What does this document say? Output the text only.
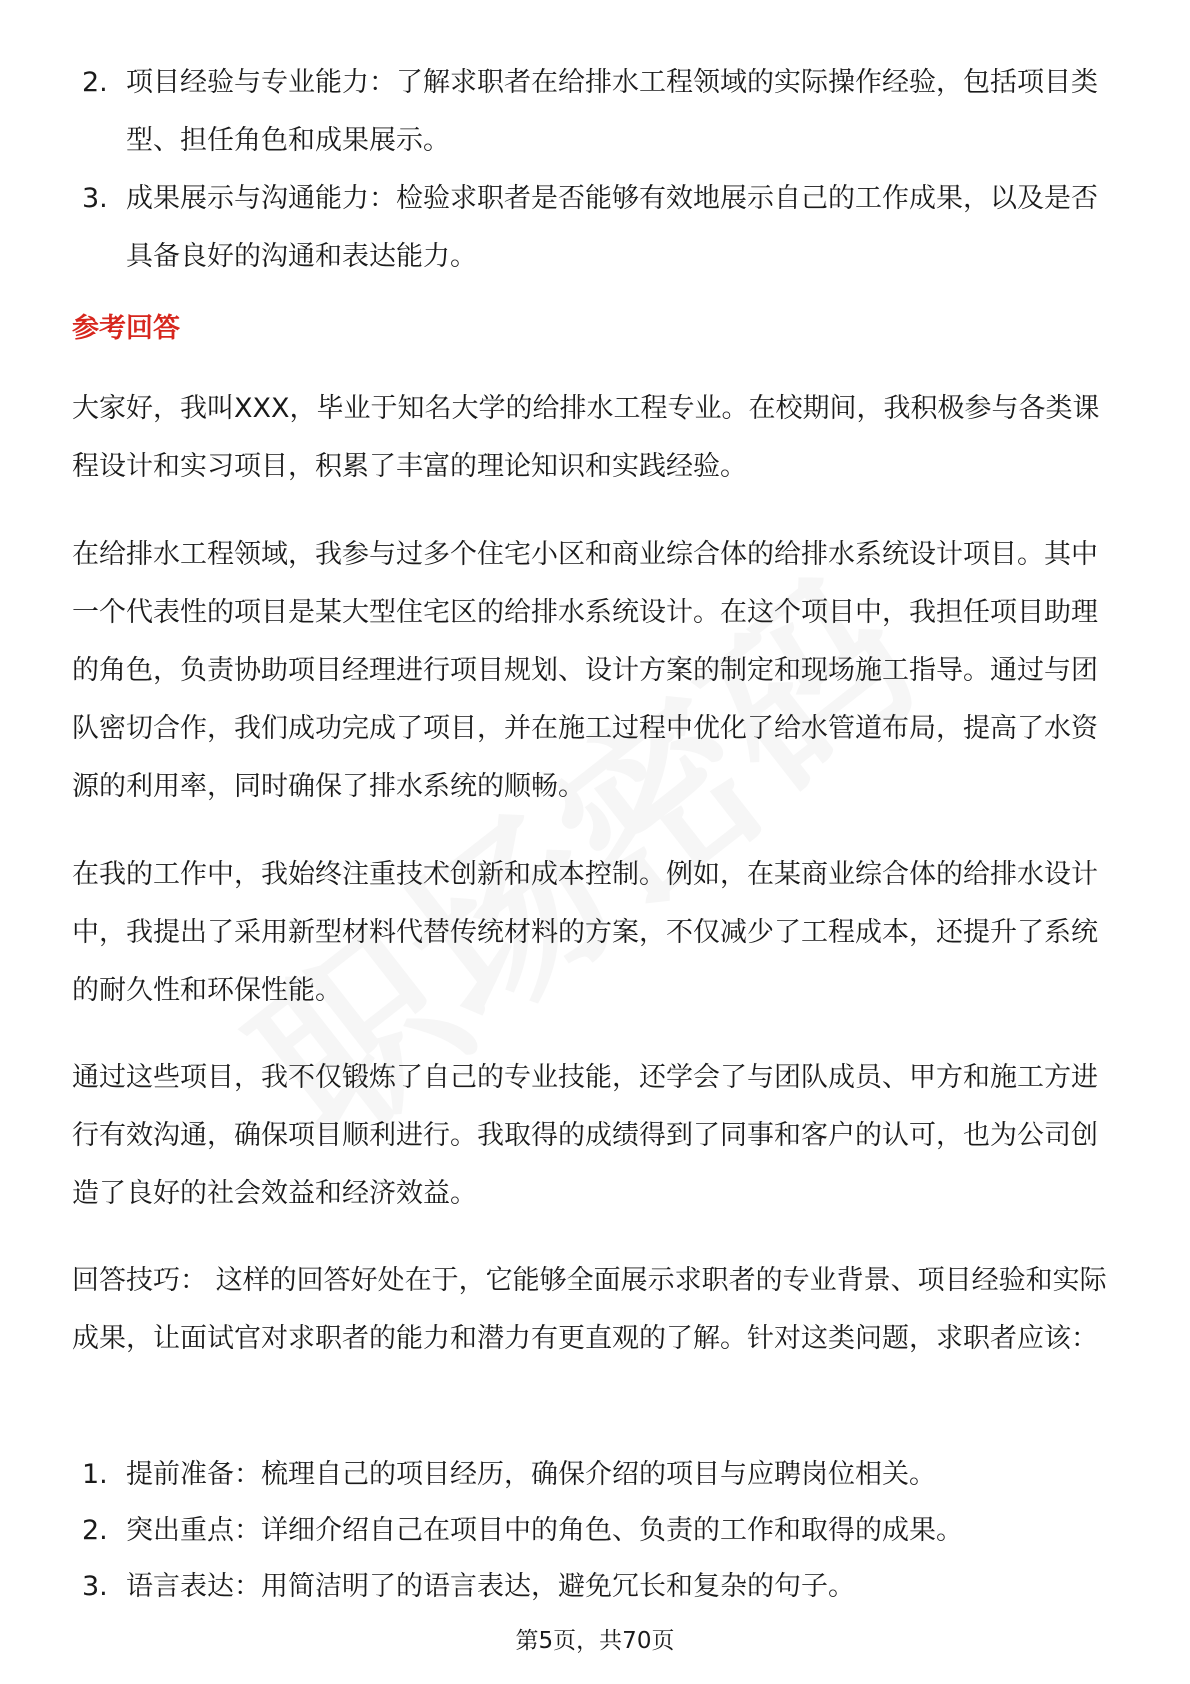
2. 项目经验与专业能力：了解求职者在给排水工程领域的实际操作经验，包括项目类型、担任角色和成果展示。
3. 成果展示与沟通能力：检验求职者是否能够有效地展示自己的工作成果，以及是否具备良好的沟通和表达能力。
参考回答

大家好，我叫XXX，毕业于知名大学的给排水工程专业。在校期间，我积极参与各类课程设计和实习项目，积累了丰富的理论知识和实践经验。

在给排水工程领域，我参与过多个住宅小区和商业综合体的给排水系统设计项目。其中一个代表性的项目是某大型住宅区的给排水系统设计。在这个项目中，我担任项目助理的角色，负责协助项目经理进行项目规划、设计方案的制定和现场施工指导。通过与团队密切合作，我们成功完成了项目，并在施工过程中优化了给水管道布局，提高了水资源的利用率，同时确保了排水系统的顺畅。

在我的工作中，我始终注重技术创新和成本控制。例如，在某商业综合体的给排水设计中，我提出了采用新型材料代替传统材料的方案，不仅减少了工程成本，还提升了系统的耐久性和环保性能。

通过这些项目，我不仅锻炼了自己的专业技能，还学会了与团队成员、甲方和施工方进行有效沟通，确保项目顺利进行。我取得的成绩得到了同事和客户的认可，也为公司创造了良好的社会效益和经济效益。

回答技巧： 这样的回答好处在于，它能够全面展示求职者的专业背景、项目经验和实际成果，让面试官对求职者的能力和潜力有更直观的了解。针对这类问题，求职者应该：

1. 提前准备：梳理自己的项目经历，确保介绍的项目与应聘岗位相关。
2. 突出重点：详细介绍自己在项目中的角色、负责的工作和取得的成果。
3. 语言表达：用简洁明了的语言表达，避免冗长和复杂的句子。
第5页，共70页
